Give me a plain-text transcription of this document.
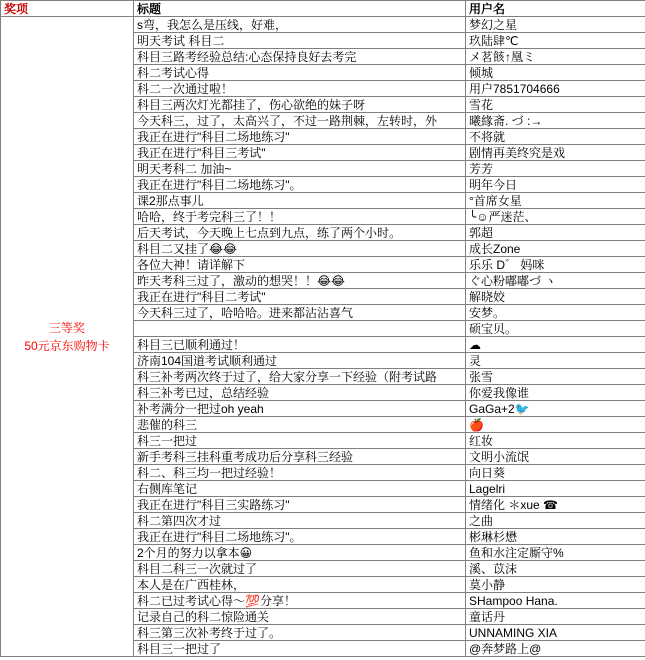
奖项	标题	用户名

三等奖
50元京东购物卡	s弯，我怎么是压线，好难，	梦幻之星
	明天考试 科目二	玖陆肆℃
	科目三路考经验总结:心态保持良好去考完	メ茗䬵↑凰ミ
	科二考试心得	倾城
	科二一次通过啦！	用户7851704666
	科目三两次灯光都挂了，伤心欲绝的妹子呀	雪花
	今天科三，过了，太高兴了，不过一路荆棘，左转时，外	曦緣斋. づ :→
	我正在进行"科目二场地练习"	不将就
	我正在进行"科目三考试"	剧情再美终究是戏
	明天考科二 加油~	芳芳
	我正在进行"科目二场地练习"。	明年今日
	课2那点事儿	°首席女星
	哈哈，终于考完科三了！！	╰☺严迷茫、
	后天考试，今天晚上七点到九点，练了两个小时。	郭超
	科目二又挂了😂😂	成长Zone
	各位大神！请详解下	乐乐 D゛ 妈咪
	昨天考科三过了，激动的想哭！！😂😂	ぐ心粉嘟嘟づ ヽ
	我正在进行"科目二考试"	解晓姣
	今天科三过了，哈哈哈。进来都沾沾喜气	安梦。
		硕宝贝。
	科目三已顺利通过！	☁
	济南104国道考试顺利通过	灵
	科三补考两次终于过了，给大家分享一下经验（附考试路	张雪
	科三补考已过，总结经验	你爱我像谁
	补考满分一把过oh yeah	GaGa+2🐦
	悲催的科三	🍎
	科三一把过	红妆
	新手考科三挂科重考成功后分享科三经验	文明小流氓
	科二、科三均一把过经验！	向日葵
	右侧库笔记	Lagelri
	我正在进行"科目三实路练习"	情绪化 ＊xue ☎
	科二第四次才过	之曲
	我正在进行"科目二场地练习"。	彬琳杉懋
	2个月的努力以拿本😀	鱼和水注定厮守%
	科目二科三一次就过了	溪、苡沫
	本人是在广西桂林，	莫小静
	科二已过考试心得～💯分享！	SHampoo Hana.
	记录自己的科二惊险通关	童话丹
	科三第三次补考终于过了。	UNNAMING XIA
	科目三一把过了	@奔梦路上@
